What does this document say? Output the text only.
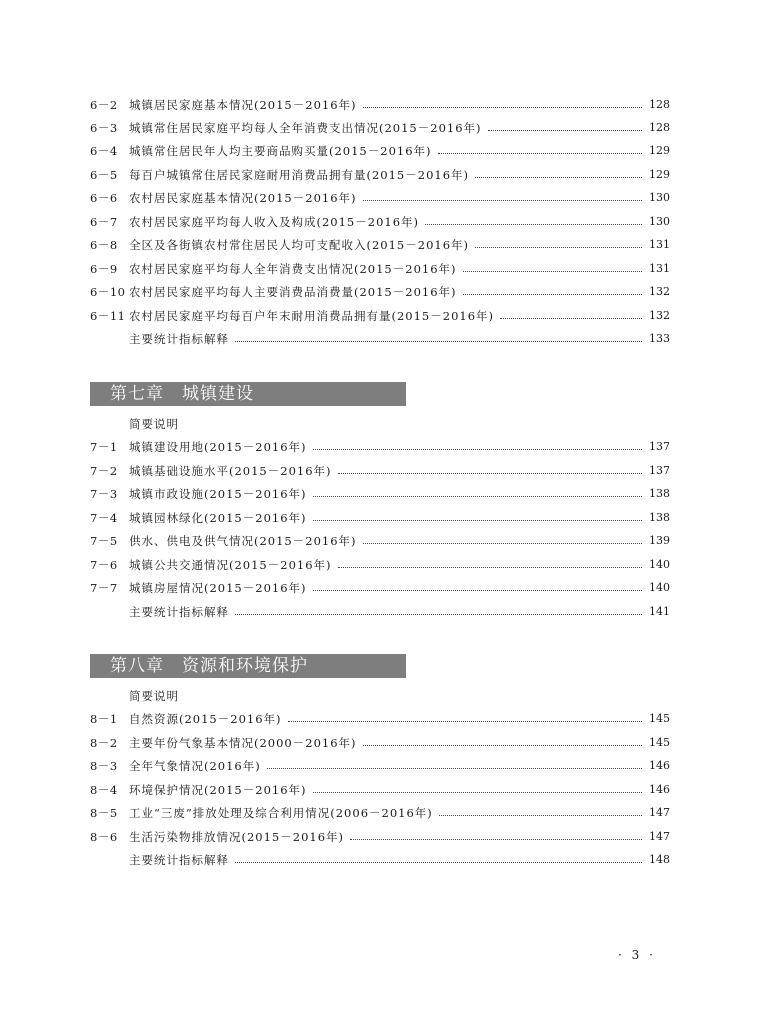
6－2 城镇居民家庭基本情况(2015－2016年)	128
6－3 城镇常住居民家庭平均每人全年消费支出情况(2015－2016年)	128
6－4 城镇常住居民年人均主要商品购买量(2015－2016年)	129
6－5 每百户城镇常住居民家庭耐用消费品拥有量(2015－2016年)	129
6－6 农村居民家庭基本情况(2015－2016年)	130
6－7 农村居民家庭平均每人收入及构成(2015－2016年)	130
6－8 全区及各街镇农村常住居民人均可支配收入(2015－2016年)	131
6－9 农村居民家庭平均每人全年消费支出情况(2015－2016年)	131
6－10 农村居民家庭平均每人主要消费品消费量(2015－2016年)	132
6－11 农村居民家庭平均每百户年末耐用消费品拥有量(2015－2016年)	132
主要统计指标解释	133
第七章 城镇建设
简要说明
7－1 城镇建设用地(2015－2016年)	137
7－2 城镇基础设施水平(2015－2016年)	137
7－3 城镇市政设施(2015－2016年)	138
7－4 城镇园林绿化(2015－2016年)	138
7－5 供水、供电及供气情况(2015－2016年)	139
7－6 城镇公共交通情况(2015－2016年)	140
7－7 城镇房屋情况(2015－2016年)	140
主要统计指标解释	141
第八章 资源和环境保护
简要说明
8－1 自然资源(2015－2016年)	145
8－2 主要年份气象基本情况(2000－2016年)	145
8－3 全年气象情况(2016年)	146
8－4 环境保护情况(2015－2016年)	146
8－5 工业“三废”排放处理及综合利用情况(2006－2016年)	147
8－6 生活污染物排放情况(2015－2016年)	147
主要统计指标解释	148
· 3 ·
